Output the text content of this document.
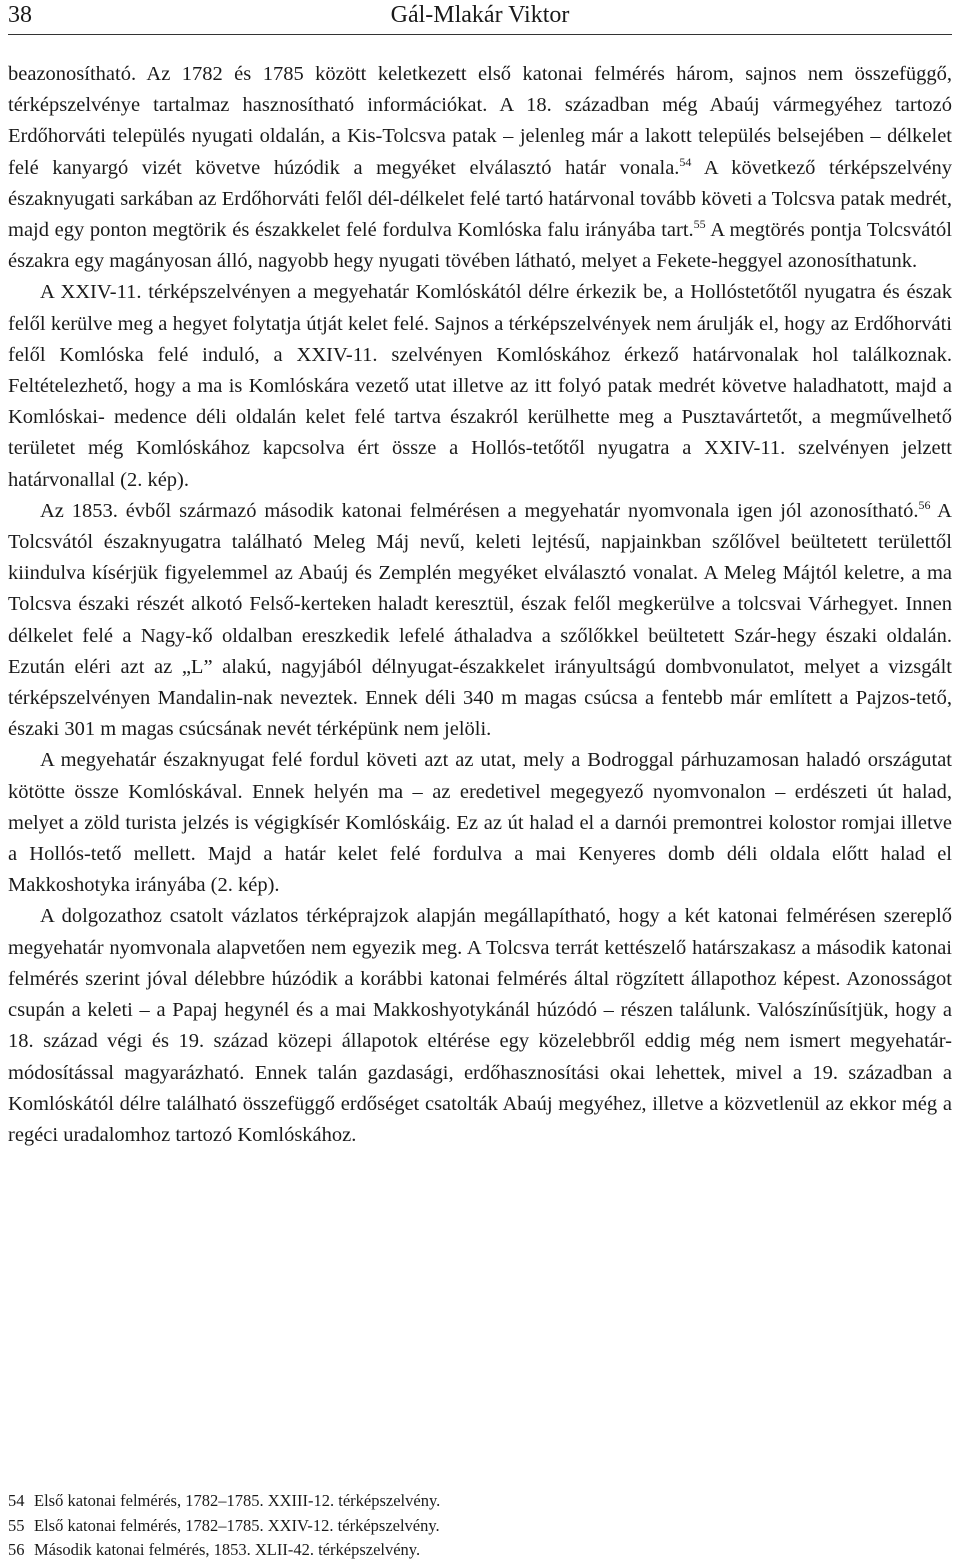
38	Gál-Mlakár Viktor

beazonosítható. Az 1782 és 1785 között keletkezett első katonai felmérés három, sajnos nem összefüggő, térképszelvénye tartalmaz hasznosítható információkat. A 18. században még Abaúj vármegyéhez tartozó Erdőhorváti település nyugati oldalán, a Kis-Tolcsva patak – jelenleg már a lakott település belsejében – délkelet felé kanyargó vizét követve húzódik a megyéket elválasztó határ vonala.$^{54}$ A következő térképszelvény északnyugati sarkában az Erdőhorváti felől dél-délkelet felé tartó határvonal tovább követi a Tolcsva patak medrét, majd egy ponton megtörik és északkelet felé fordulva Komlóska falu irányába tart.$^{55}$ A megtörés pontja Tolcsvától északra egy magányosan álló, nagyobb hegy nyugati tövében látható, melyet a Fekete-heggyel azonosíthatunk.

A XXIV-11. térképszelvényen a megyehatár Komlóskától délre érkezik be, a Hollóstetőtől nyugatra és észak felől kerülve meg a hegyet folytatja útját kelet felé. Sajnos a térképszelvények nem árulják el, hogy az Erdőhorváti felől Komlóska felé induló, a XXIV-11. szelvényen Komlóskához érkező határvonalak hol találkoznak. Feltételezhető, hogy a ma is Komlóskára vezető utat illetve az itt folyó patak medrét követve haladhatott, majd a Komlóskai- medence déli oldalán kelet felé tartva északról kerülhette meg a Pusztavártetőt, a megművelhető területet még Komlóskához kapcsolva ért össze a Hollós-tetőtől nyugatra a XXIV-11. szelvényen jelzett határvonallal (2. kép).

Az 1853. évből származó második katonai felmérésen a megyehatár nyomvonala igen jól azonosítható.$^{56}$ A Tolcsvától északnyugatra található Meleg Máj nevű, keleti lejtésű, napjainkban szőlővel beültetett területtől kiindulva kísérjük figyelemmel az Abaúj és Zemplén megyéket elválasztó vonalat. A Meleg Májtól keletre, a ma Tolcsva északi részét alkotó Felső-kerteken haladt keresztül, észak felől megkerülve a tolcsvai Várhegyet. Innen délkelet felé a Nagy-kő oldalban ereszkedik lefelé áthaladva a szőlőkkel beültetett Szár-hegy északi oldalán. Ezután eléri azt az „L” alakú, nagyjából délnyugat-északkelet irányultságú dombvonulatot, melyet a vizsgált térképszelvényen Mandalin-nak neveztek. Ennek déli 340 m magas csúcsa a fentebb már említett a Pajzos-tető, északi 301 m magas csúcsának nevét térképünk nem jelöli.

A megyehatár északnyugat felé fordul követi azt az utat, mely a Bodroggal párhuzamosan haladó országutat kötötte össze Komlóskával. Ennek helyén ma – az eredetivel megegyező nyomvonalon – erdészeti út halad, melyet a zöld turista jelzés is végigkísér Komlóskáig. Ez az út halad el a darnói premontrei kolostor romjai illetve a Hollós-tető mellett. Majd a határ kelet felé fordulva a mai Kenyeres domb déli oldala előtt halad el Makkoshotyka irányába (2. kép).

A dolgozathoz csatolt vázlatos térképrajzok alapján megállapítható, hogy a két katonai felmérésen szereplő megyehatár nyomvonala alapvetően nem egyezik meg. A Tolcsva terrát kettészelő határszakasz a második katonai felmérés szerint jóval délebbre húzódik a korábbi katonai felmérés által rögzített állapothoz képest. Azonosságot csupán a keleti – a Papaj hegynél és a mai Makkoshyotykánál húzódó – részen találunk. Valószínűsítjük, hogy a 18. század végi és 19. század közepi állapotok eltérése egy közelebbről eddig még nem ismert megyehatár-módosítással magyarázható. Ennek talán gazdasági, erdőhasznosítási okai lehettek, mivel a 19. században a Komlóskától délre található összefüggő erdőséget csatolták Abaúj megyéhez, illetve a közvetlenül az ekkor még a regéci uradalomhoz tartozó Komlóskához.

54 Első katonai felmérés, 1782–1785. XXIII-12. térképszelvény.
55 Első katonai felmérés, 1782–1785. XXIV-12. térképszelvény.
56 Második katonai felmérés, 1853. XLII-42. térképszelvény.
